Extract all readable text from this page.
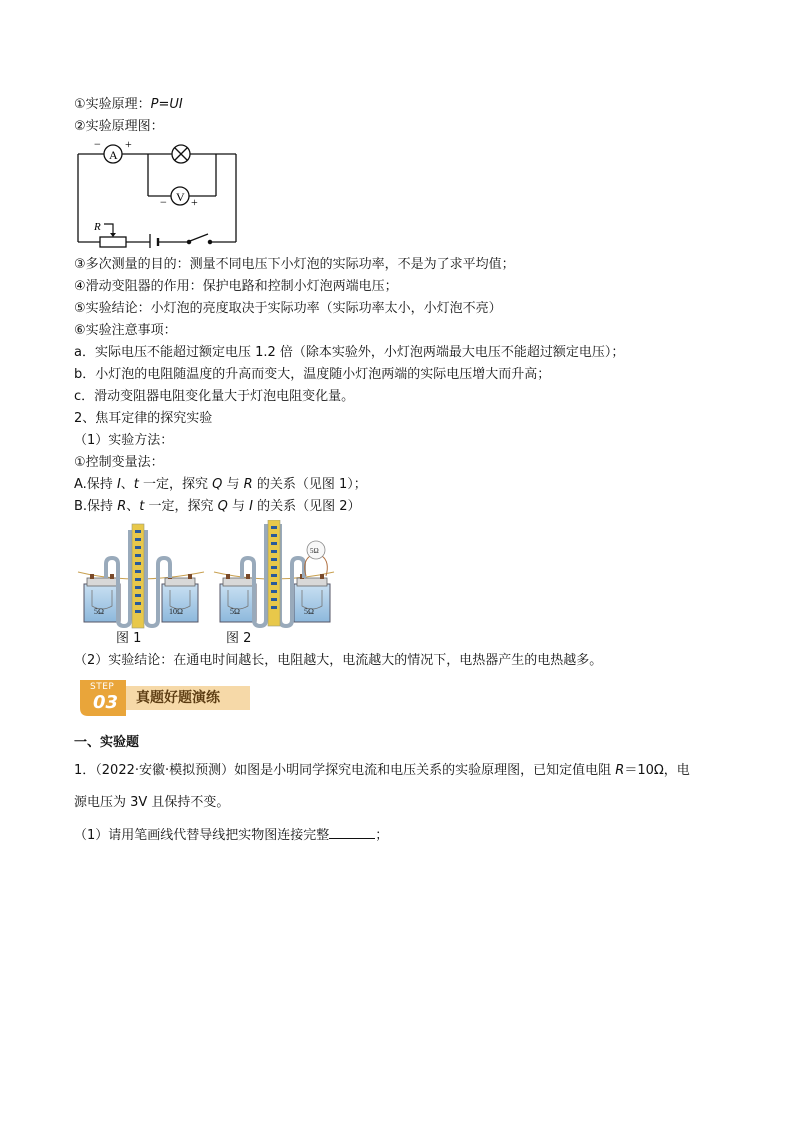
①实验原理：P=UI
②实验原理图：
A
− +
V
− +
R
③多次测量的目的：测量不同电压下小灯泡的实际功率，不是为了求平均值；
④滑动变阻器的作用：保护电路和控制小灯泡两端电压；
⑤实验结论：小灯泡的亮度取决于实际功率（实际功率太小，小灯泡不亮）
⑥实验注意事项：
a．实际电压不能超过额定电压 1.2 倍（除本实验外，小灯泡两端最大电压不能超过额定电压）；
b．小灯泡的电阻随温度的升高而变大，温度随小灯泡两端的实际电压增大而升高；
c．滑动变阻器电阻变化量大于灯泡电阻变化量。
2、焦耳定律的探究实验
（1）实验方法：
①控制变量法：
A.保持 I、t 一定，探究 Q 与 R 的关系（见图 1）；
B.保持 R、t 一定，探究 Q 与 I 的关系（见图 2）
5Ω	10Ω
5Ω
5Ω	5Ω
图 1	图 2
（2）实验结论：在通电时间越长，电阻越大，电流越大的情况下，电热器产生的电热越多。
STEP
03 真题好题演练
一、实验题
1．（2022·安徽·模拟预测）如图是小明同学探究电流和电压关系的实验原理图，已知定值电阻 R＝10Ω，电
源电压为 3V 且保持不变。
（1）请用笔画线代替导线把实物图连接完整	；
